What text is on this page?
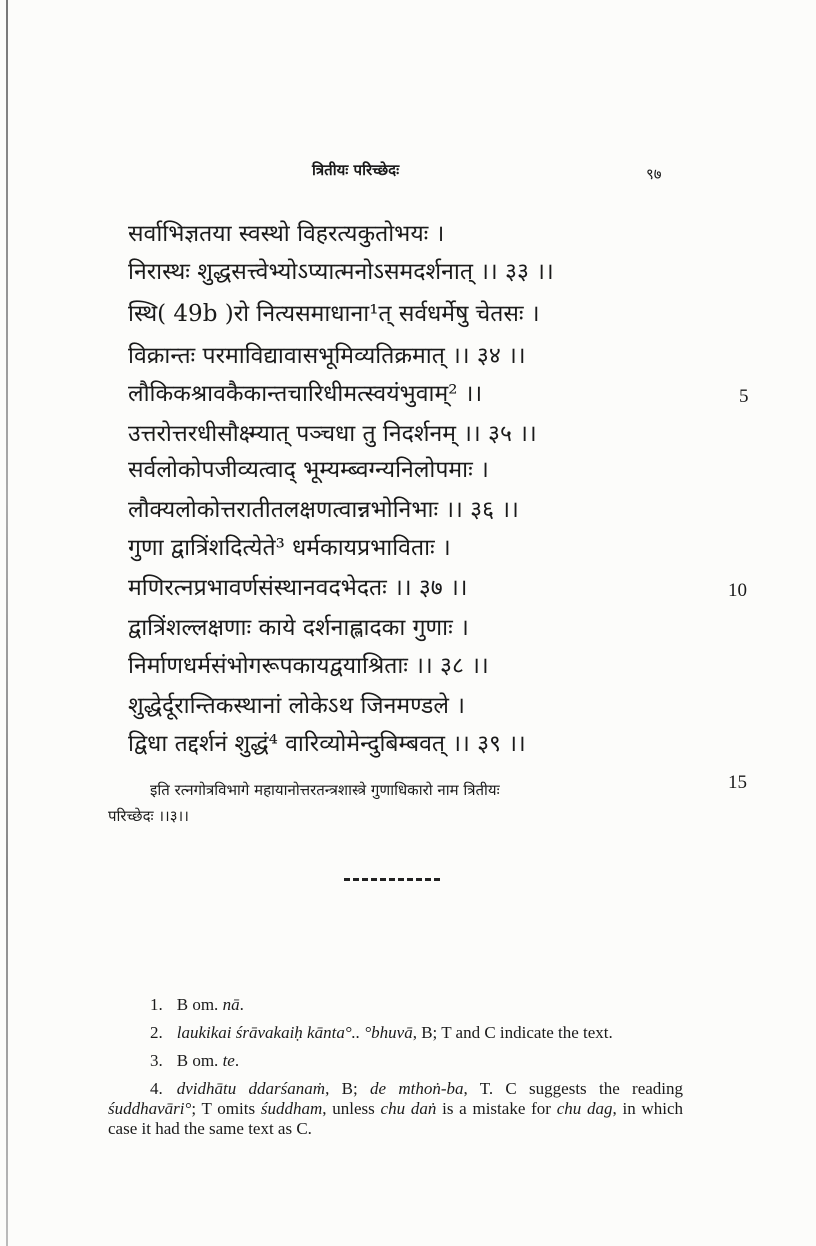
त्रितीयः परिच्छेदः	९७
सर्वाभिज्ञतया स्वस्थो विहरत्यकुतोभयः ।
निरास्थः शुद्धसत्त्वेभ्योऽप्यात्मनोऽसमदर्शनात् ।। ३३ ।।
स्थि( 49b )रो नित्यसमाधाना¹त् सर्वधर्मेषु चेतसः ।
विक्रान्तः परमाविद्यावासभूमिव्यतिक्रमात् ।। ३४ ।।
लौकिकश्रावकैकान्तचारिधीमत्स्वयंभुवाम्² ।।
उत्तरोत्तरधीसौक्ष्म्यात् पञ्चधा तु निदर्शनम् ।। ३५ ।।
सर्वलोकोपजीव्यत्वाद् भूम्यम्ब्वग्न्यनिलोपमाः ।
लौक्यलोकोत्तरातीतलक्षणत्वान्नभोनिभाः ।। ३६ ।।
गुणा द्वात्रिंशदित्येते³ धर्मकायप्रभाविताः ।
मणिरत्नप्रभावर्णसंस्थानवदभेदतः ।। ३७ ।।
द्वात्रिंशल्लक्षणाः काये दर्शनाह्लादका गुणाः ।
निर्माणधर्मसंभोगरूपकायद्वयाश्रिताः ।। ३८ ।।
शुद्धेर्दूरान्तिकस्थानां लोकेऽथ जिनमण्डले ।
द्विधा तद्दर्शनं शुद्धं⁴ वारिव्योमेन्दुबिम्बवत् ।। ३९ ।।
5
10
15
इति रत्नगोत्रविभागे महायानोत्तरतन्त्रशास्त्रे गुणाधिकारो नाम त्रितीयः
परिच्छेदः ।।३।।

1. B om. nā.

2. laukikai śrāvakaiḥ kānta°.. °bhuvā, B; T and C indicate the text.

3. B om. te.

4. dvidhātu ddarśanaṁ, B; de mthoṅ-ba, T. C suggests the reading śuddhavāri°; T omits śuddham, unless chu daṅ is a mistake for chu dag, in which case it had the same text as C.
